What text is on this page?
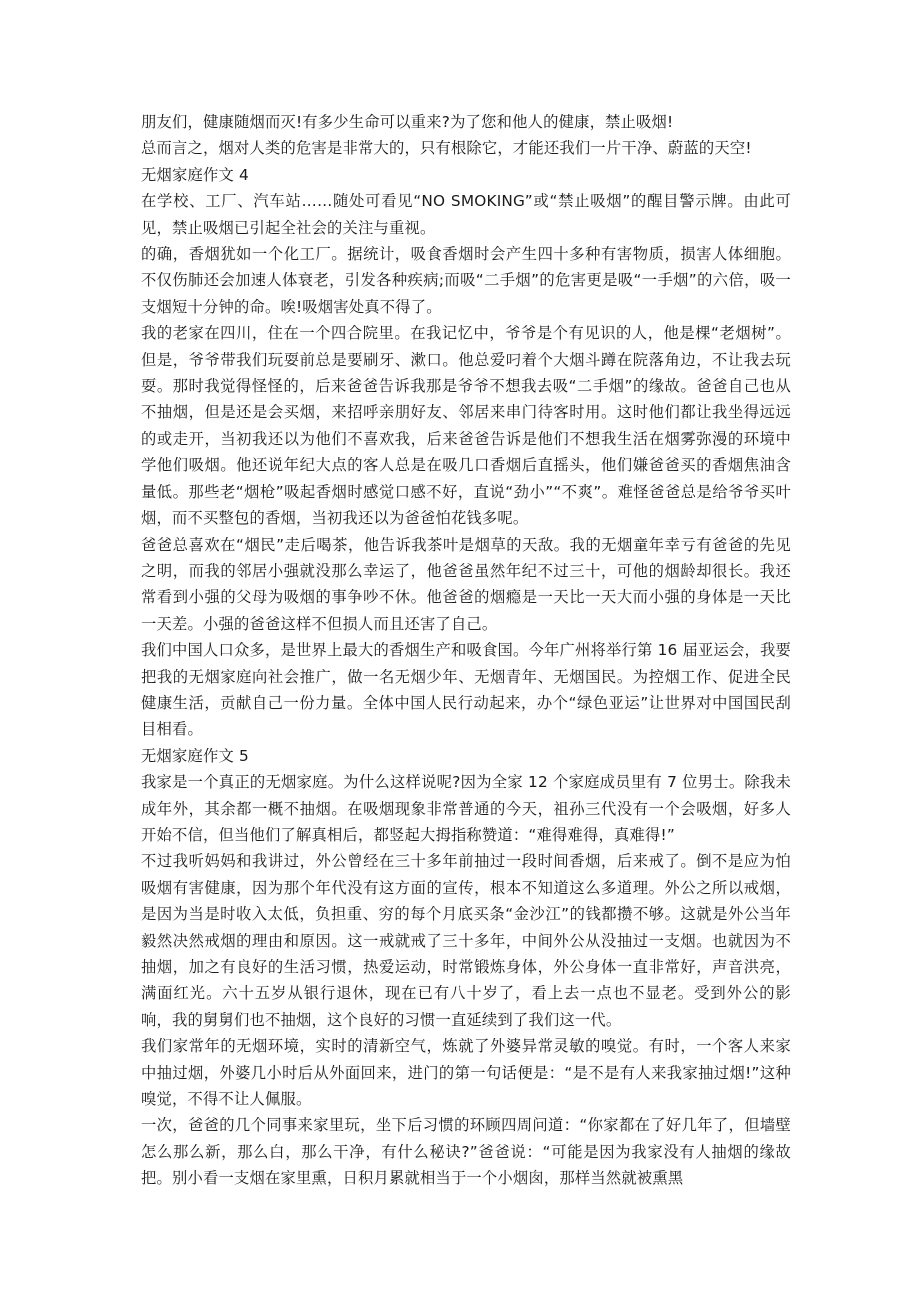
朋友们，健康随烟而灭!有多少生命可以重来?为了您和他人的健康，禁止吸烟!

总而言之，烟对人类的危害是非常大的，只有根除它，才能还我们一片干净、蔚蓝的天空!

无烟家庭作文 4

在学校、工厂、汽车站……随处可看见“NO SMOKING”或“禁止吸烟”的醒目警示牌。由此可见，禁止吸烟已引起全社会的关注与重视。

的确，香烟犹如一个化工厂。据统计，吸食香烟时会产生四十多种有害物质，损害人体细胞。不仅伤肺还会加速人体衰老，引发各种疾病;而吸“二手烟”的危害更是吸“一手烟”的六倍，吸一支烟短十分钟的命。唉!吸烟害处真不得了。

我的老家在四川，住在一个四合院里。在我记忆中，爷爷是个有见识的人，他是棵“老烟树”。但是，爷爷带我们玩耍前总是要刷牙、漱口。他总爱叼着个大烟斗蹲在院落角边，不让我去玩耍。那时我觉得怪怪的，后来爸爸告诉我那是爷爷不想我去吸“二手烟”的缘故。爸爸自己也从不抽烟，但是还是会买烟，来招呼亲朋好友、邻居来串门待客时用。这时他们都让我坐得远远的或走开，当初我还以为他们不喜欢我，后来爸爸告诉是他们不想我生活在烟雾弥漫的环境中学他们吸烟。他还说年纪大点的客人总是在吸几口香烟后直摇头，他们嫌爸爸买的香烟焦油含量低。那些老“烟枪”吸起香烟时感觉口感不好，直说“劲小”“不爽”。难怪爸爸总是给爷爷买叶烟，而不买整包的香烟，当初我还以为爸爸怕花钱多呢。

爸爸总喜欢在“烟民”走后喝茶，他告诉我茶叶是烟草的天敌。我的无烟童年幸亏有爸爸的先见之明，而我的邻居小强就没那么幸运了，他爸爸虽然年纪不过三十，可他的烟龄却很长。我还常看到小强的父母为吸烟的事争吵不休。他爸爸的烟瘾是一天比一天大而小强的身体是一天比一天差。小强的爸爸这样不但损人而且还害了自己。

我们中国人口众多，是世界上最大的香烟生产和吸食国。今年广州将举行第 16 届亚运会，我要把我的无烟家庭向社会推广，做一名无烟少年、无烟青年、无烟国民。为控烟工作、促进全民健康生活，贡献自己一份力量。全体中国人民行动起来，办个“绿色亚运”让世界对中国国民刮目相看。

无烟家庭作文 5

我家是一个真正的无烟家庭。为什么这样说呢?因为全家 12 个家庭成员里有 7 位男士。除我未成年外，其余都一概不抽烟。在吸烟现象非常普通的今天，祖孙三代没有一个会吸烟，好多人开始不信，但当他们了解真相后，都竖起大拇指称赞道：“难得难得，真难得!”

不过我听妈妈和我讲过，外公曾经在三十多年前抽过一段时间香烟，后来戒了。倒不是应为怕吸烟有害健康，因为那个年代没有这方面的宣传，根本不知道这么多道理。外公之所以戒烟，是因为当是时收入太低，负担重、穷的每个月底买条“金沙江”的钱都攒不够。这就是外公当年毅然决然戒烟的理由和原因。这一戒就戒了三十多年，中间外公从没抽过一支烟。也就因为不抽烟，加之有良好的生活习惯，热爱运动，时常锻炼身体，外公身体一直非常好，声音洪亮，满面红光。六十五岁从银行退休，现在已有八十岁了，看上去一点也不显老。受到外公的影响，我的舅舅们也不抽烟，这个良好的习惯一直延续到了我们这一代。

我们家常年的无烟环境，实时的清新空气，炼就了外婆异常灵敏的嗅觉。有时，一个客人来家中抽过烟，外婆几小时后从外面回来，进门的第一句话便是：“是不是有人来我家抽过烟!”这种嗅觉，不得不让人佩服。

一次，爸爸的几个同事来家里玩，坐下后习惯的环顾四周问道：“你家都在了好几年了，但墙壁怎么那么新，那么白，那么干净，有什么秘诀?”爸爸说：“可能是因为我家没有人抽烟的缘故把。别小看一支烟在家里熏，日积月累就相当于一个小烟囱，那样当然就被熏黑
